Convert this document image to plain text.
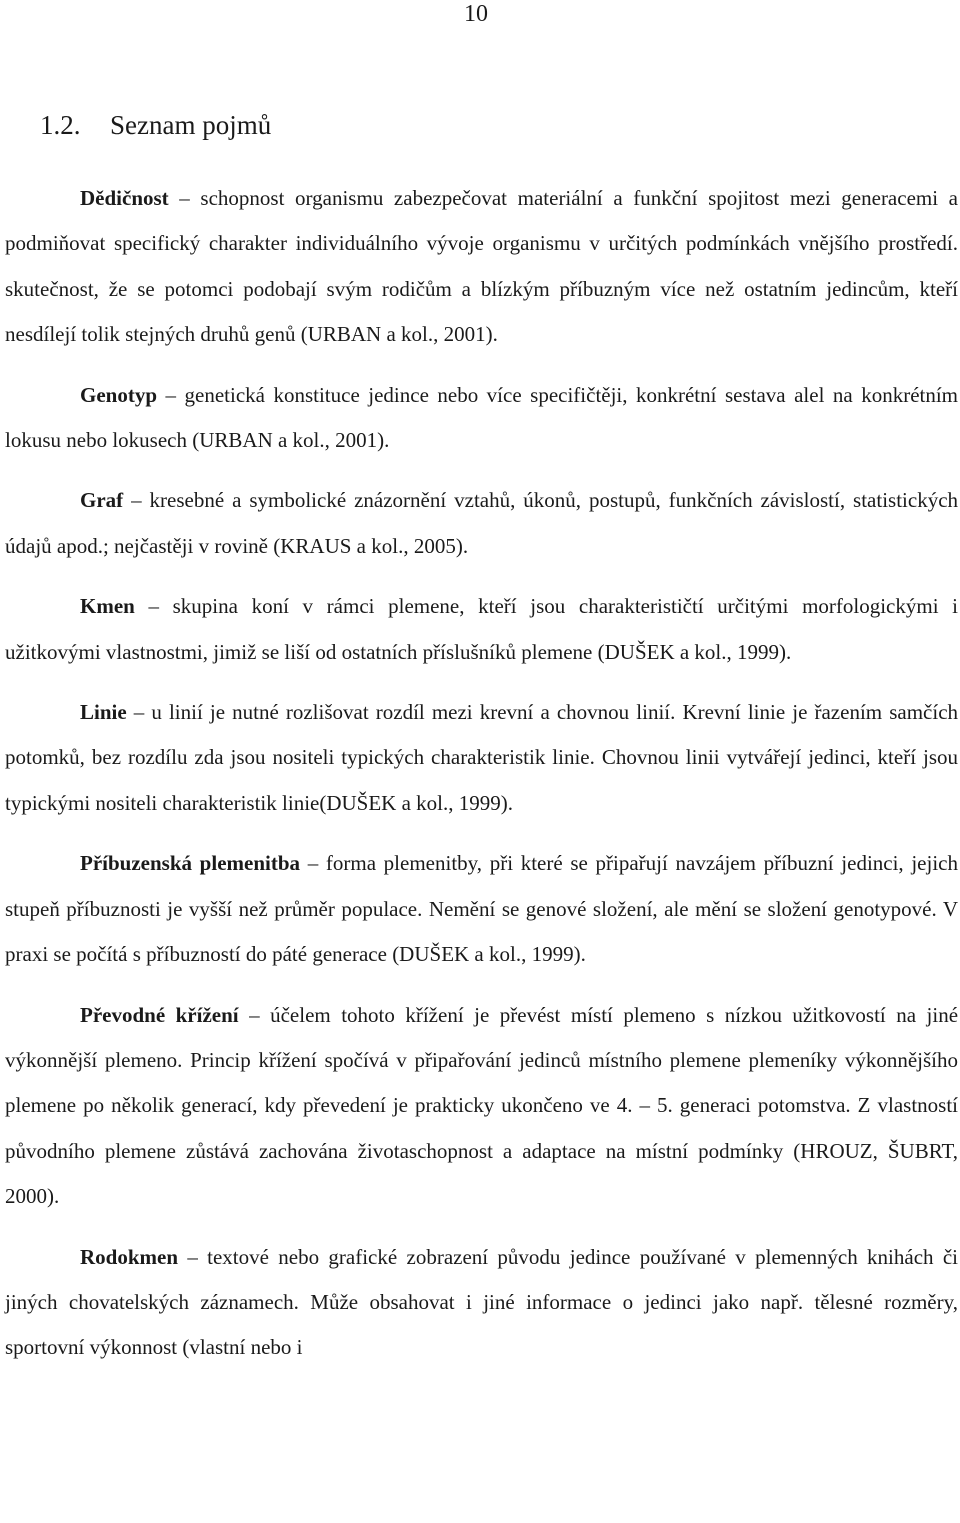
10
1.2. Seznam pojmů

Dědičnost – schopnost organismu zabezpečovat materiální a funkční spojitost mezi generacemi a podmiňovat specifický charakter individuálního vývoje organismu v určitých podmínkách vnějšího prostředí. skutečnost, že se potomci podobají svým rodičům a blízkým příbuzným více než ostatním jedincům, kteří nesdílejí tolik stejných druhů genů (URBAN a kol., 2001).

Genotyp – genetická konstituce jedince nebo více specifičtěji, konkrétní sestava alel na konkrétním lokusu nebo lokusech (URBAN a kol., 2001).

Graf – kresebné a symbolické znázornění vztahů, úkonů, postupů, funkčních závislostí, statistických údajů apod.; nejčastěji v rovině (KRAUS a kol., 2005).

Kmen – skupina koní v rámci plemene, kteří jsou charakterističtí určitými morfologickými i užitkovými vlastnostmi, jimiž se liší od ostatních příslušníků plemene (DUŠEK a kol., 1999).

Linie – u linií je nutné rozlišovat rozdíl mezi krevní a chovnou linií. Krevní linie je řazením samčích potomků, bez rozdílu zda jsou nositeli typických charakteristik linie. Chovnou linii vytvářejí jedinci, kteří jsou typickými nositeli charakteristik linie(DUŠEK a kol., 1999).

Příbuzenská plemenitba – forma plemenitby, při které se připařují navzájem příbuzní jedinci, jejich stupeň příbuznosti je vyšší než průměr populace. Nemění se genové složení, ale mění se složení genotypové. V praxi se počítá s příbuzností do páté generace (DUŠEK a kol., 1999).

Převodné křížení – účelem tohoto křížení je převést místí plemeno s nízkou užitkovostí na jiné výkonnější plemeno. Princip křížení spočívá v připařování jedinců místního plemene plemeníky výkonnějšího plemene po několik generací, kdy převedení je prakticky ukončeno ve 4. – 5. generaci potomstva. Z vlastností původního plemene zůstává zachována životaschopnost a adaptace na místní podmínky (HROUZ, ŠUBRT, 2000).

Rodokmen – textové nebo grafické zobrazení původu jedince používané v plemenných knihách či jiných chovatelských záznamech. Může obsahovat i jiné informace o jedinci jako např. tělesné rozměry, sportovní výkonnost (vlastní nebo i
